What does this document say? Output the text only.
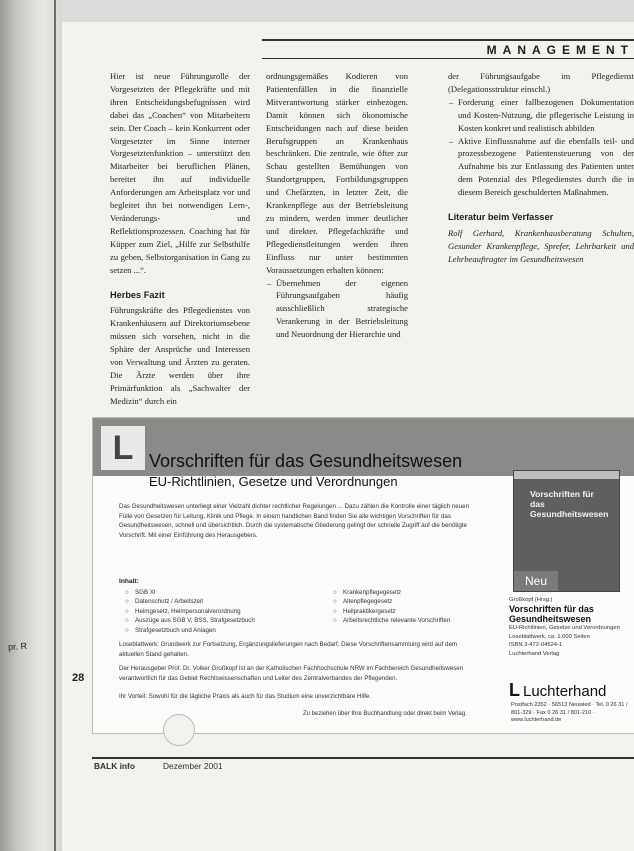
pr. R
MANAGEMENT

Hier ist neue Führungsrolle der Vorgesetzten der Pflegekräfte und mit ihren Entscheidungsbefugnissen wird dabei das „Coachen“ von Mitarbeitern sein. Der Coach – kein Konkurrent oder Vorgesetzter im Sinne interner Vorgesetztenfunktion – unterstützt den Mitarbeiter bei beruflichen Plänen, bereitet ihn auf individuelle Anforderungen am Arbeitsplatz vor und begleitet ihn bei notwendigen Lern-, Veränderungs- und Reflektionsprozessen. Coaching hat für Küpper zum Ziel, „Hilfe zur Selbsthilfe zu geben, Selbstorganisation in Gang zu setzen ...“.

Herbes Fazit

Führungskräfte des Pflegedienstes von Krankenhäusern auf Direktoriumsebene müssen sich vorsehen, nicht in die Sphäre der Ansprüche und Interessen von Verwaltung und Ärzten zu geraten. Die Ärzte werden über ihre Primärfunktion als „Sachwalter der Medizin“ durch ein

ordnungsgemäßes Kodieren von Patientenfällen in die finanzielle Mitverantwortung stärker einbezogen. Damit können sich ökonomische Entscheidungen nach auf diese beiden Berufsgruppen an Krankenhaus beschränken. Die zentrale, wie öfter zur Schau gestellten Bemühungen von Standortgruppen, Fortbildungsgruppen und Chefärzten, in letzter Zeit, die Krankenpflege aus der Betriebsleitung zu mindern, werden immer deutlicher und direkter. Pflegefachkräfte und Pflegedienstleitungen werden ihren Einfluss nur unter bestimmten Voraussetzungen erhalten können:

– Übernehmen der eigenen Führungsaufgaben häufig ausschließlich strategische Verankerung in der Betriebsleitung und Neuordnung der Hierarchie und

der Führungsaufgabe im Pflegedienst (Delegationsstruktur einschl.)

– Forderung einer fallbezogenen Dokumentation und Kosten-Nutzung, die pflegerische Leistung in Kosten konkret und realistisch abbilden
– Aktive Einflussnahme auf die ebenfalls teil- und prozessbezogene Patientensteuerung von der Aufnahme bis zur Entlassung des Patienten unter dem Potenzial des Pflegedienstes durch die in diesem Bereich geschulderten Maßnahmen.
Literatur beim Verfasser

Rolf Gerhard, Krankenhausberatung Schulten, Gesunder Krankenpflege, Sprefer, Lehrbarkeit und Lehrbeauftragter im Gesundheitswesen

L Vorschriften für das Gesundheitswesen
EU-Richtlinien, Gesetze und Verordnungen
Das Gesundheitswesen unterliegt einer Vielzahl dichter rechtlicher Regelungen ... Dazu zählen die Kontrolle einer täglich neuen Fülle von Gesetzen für Leitung, Klinik und Pflege. In einem handlichen Band finden Sie alle wichtigen Vorschriften für das Gesundheitswesen, schnell und übersichtlich. Durch die systematische Gliederung gelingt der schnelle Zugriff auf die benötigte Vorschrift. Mit einer Einführung des Herausgebers.
Inhalt:
○ SGB XI
○ Datenschutz / Arbeitszeit
○ Heimgesetz, Heimpersonalverordnung
○ Auszüge aus SGB V, BSS, Strafgesetzbuch
○ Strafgesetzbuch und Anlagen
○ Krankenpflegegesetz
○ Altenpflegegesetz
○ Heilpraktikergesetz
○ Arbeitsrechtliche relevante Vorschriften
Loseblattwerk: Grundwerk zur Fortsetzung, Ergänzungslieferungen nach Bedarf. Diese Vorschriftensammlung wird auf dem aktuellen Stand gehalten.
Der Herausgeber Prof. Dr. Volker Großkopf ist an der Katholischen Fachhochschule NRW im Fachbereich Gesundheitswesen verantwortlich für das Gebiet Rechtswissenschaften und Leiter des Zentralverbandes der Pflegenden.
Ihr Vorteil: Sowohl für die tägliche Praxis als auch für das Studium eine unverzichtbare Hilfe.
Zu beziehen über Ihre Buchhandlung oder direkt beim Verlag.
Vorschriften für das Gesundheitswesen
Neu
Großkopf (Hrsg.)
Vorschriften für das Gesundheitswesen
EU-Richtlinien, Gesetze und Verordnungen
Loseblattwerk, ca. 1.000 Seiten
ISBN 3-472-04524-1
Luchterhand Verlag
L Luchterhand
Postfach 2352 · 56513 Neuwied · Tel. 0 26 31 / 801-329 · Fax 0 26 31 / 801-210 · www.luchterhand.de
BALK info	Dezember 2001
28
